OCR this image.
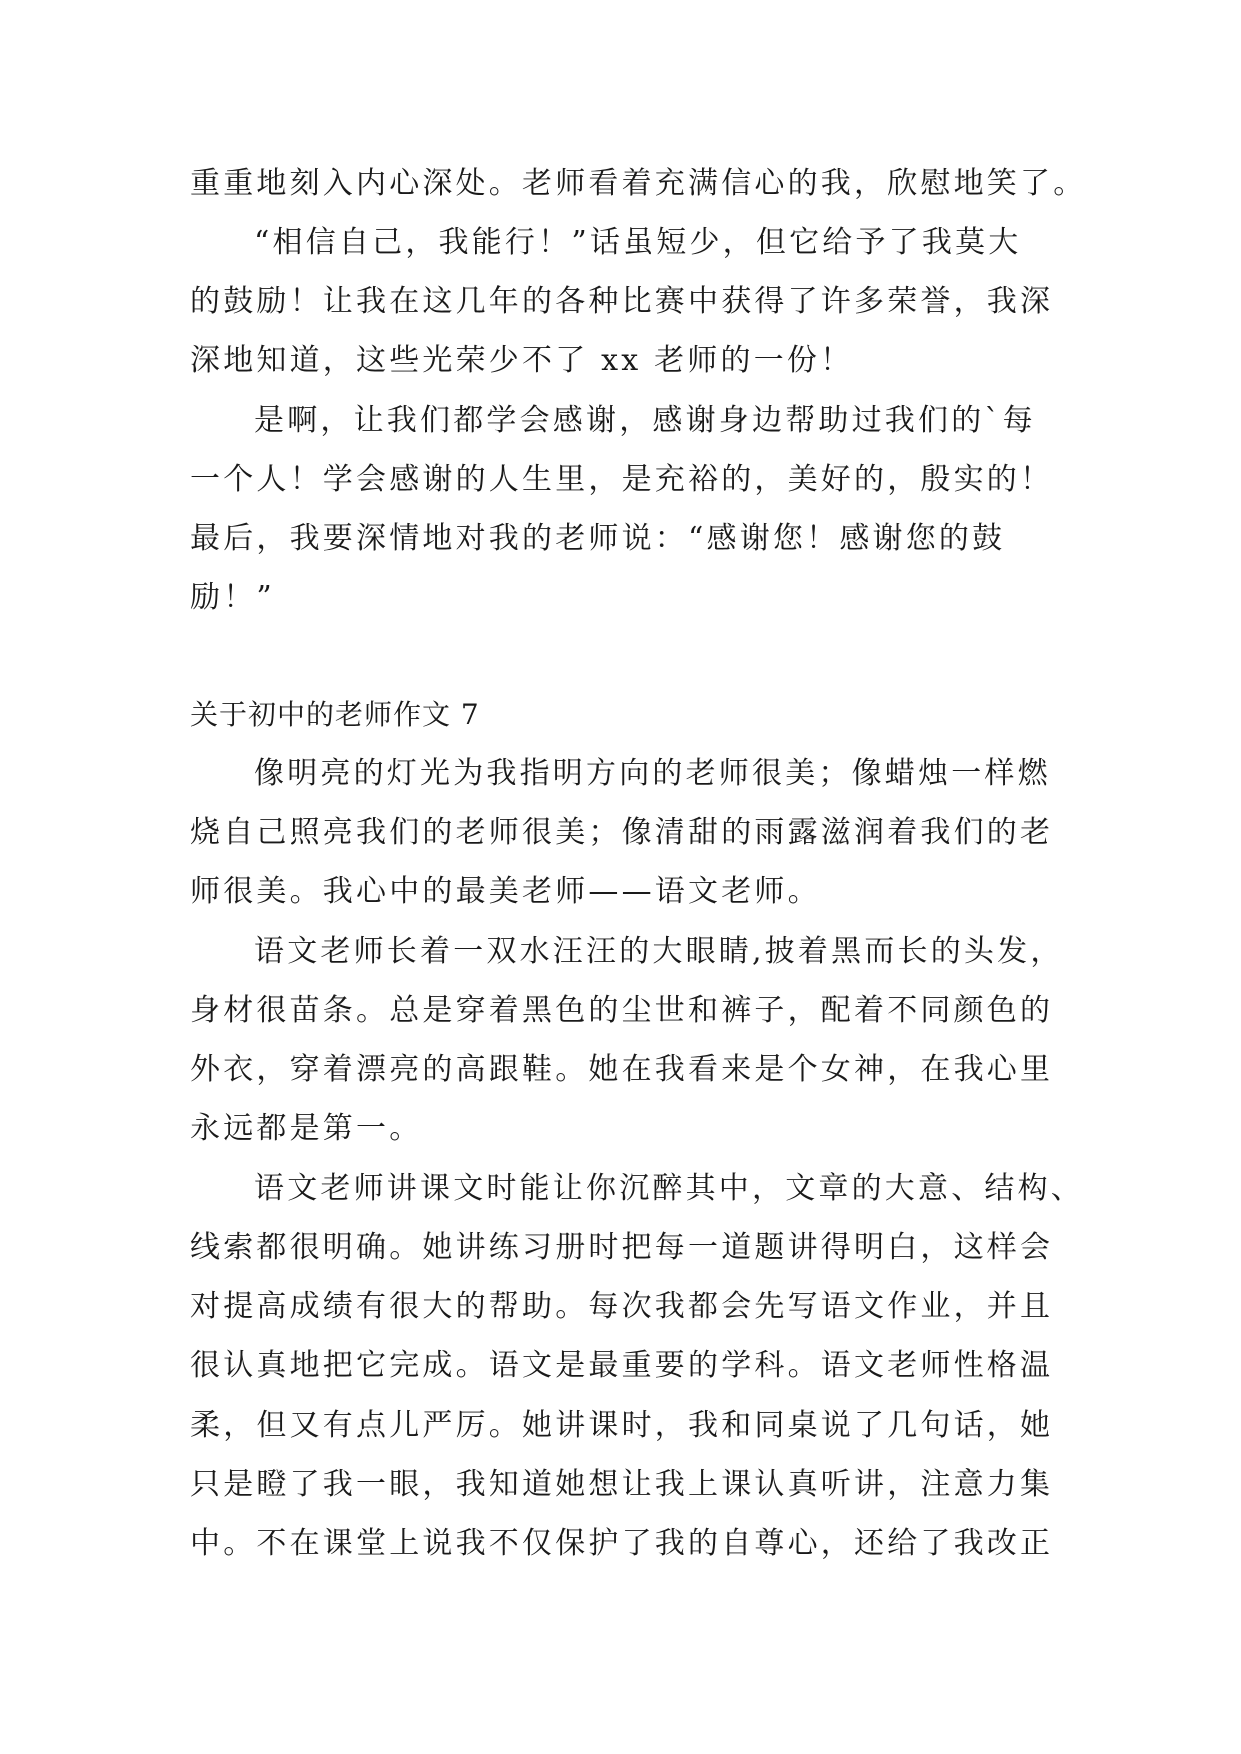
重重地刻入内心深处。老师看着充满信心的我，欣慰地笑了。
“相信自己，我能行！”话虽短少，但它给予了我莫大
的鼓励！让我在这几年的各种比赛中获得了许多荣誉，我深
深地知道，这些光荣少不了 xx 老师的一份！
是啊，让我们都学会感谢，感谢身边帮助过我们的`每
一个人！学会感谢的人生里，是充裕的，美好的，殷实的！
最后，我要深情地对我的老师说：“感谢您！感谢您的鼓
励！”
关于初中的老师作文 7
像明亮的灯光为我指明方向的老师很美；像蜡烛一样燃
烧自己照亮我们的老师很美；像清甜的雨露滋润着我们的老
师很美。我心中的最美老师——语文老师。
语文老师长着一双水汪汪的大眼睛,披着黑而长的头发，
身材很苗条。总是穿着黑色的尘世和裤子，配着不同颜色的
外衣，穿着漂亮的高跟鞋。她在我看来是个女神，在我心里
永远都是第一。
语文老师讲课文时能让你沉醉其中，文章的大意、结构、
线索都很明确。她讲练习册时把每一道题讲得明白，这样会
对提高成绩有很大的帮助。每次我都会先写语文作业，并且
很认真地把它完成。语文是最重要的学科。语文老师性格温
柔，但又有点儿严厉。她讲课时，我和同桌说了几句话，她
只是瞪了我一眼，我知道她想让我上课认真听讲，注意力集
中。不在课堂上说我不仅保护了我的自尊心，还给了我改正
